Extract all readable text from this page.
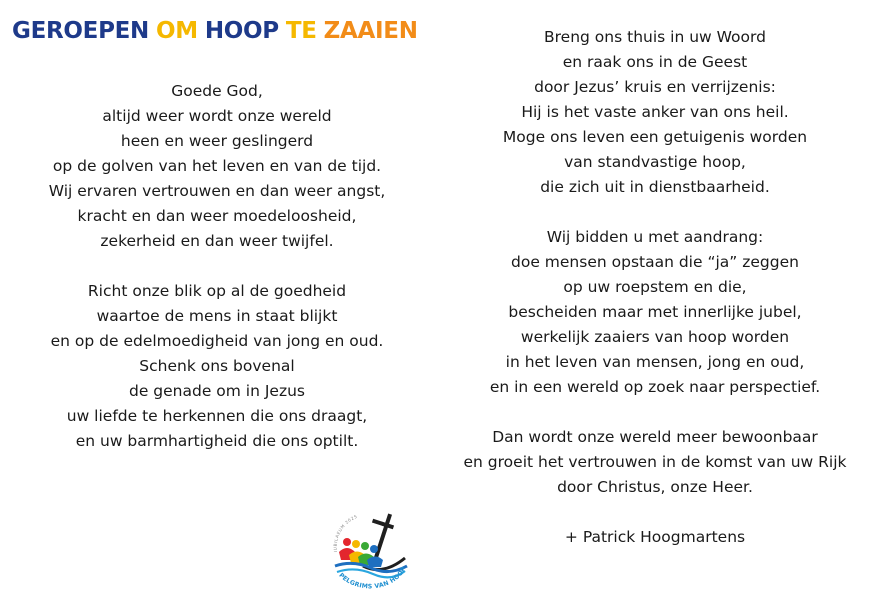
GEROEPEN OM HOOP TE ZAAIEN
Goede God,
altijd weer wordt onze wereld
heen en weer geslingerd
op de golven van het leven en van de tijd.
Wij ervaren vertrouwen en dan weer angst,
kracht en dan weer moedeloosheid,
zekerheid en dan weer twijfel.
Richt onze blik op al de goedheid
waartoe de mens in staat blijkt
en op de edelmoedigheid van jong en oud.
Schenk ons bovenal
de genade om in Jezus
uw liefde te herkennen die ons draagt,
en uw barmhartigheid die ons optilt.
Breng ons thuis in uw Woord
en raak ons in de Geest
door Jezus’ kruis en verrijzenis:
Hij is het vaste anker van ons heil.
Moge ons leven een getuigenis worden
van standvastige hoop,
die zich uit in dienstbaarheid.
Wij bidden u met aandrang:
doe mensen opstaan die “ja” zeggen
op uw roepstem en die,
bescheiden maar met innerlijke jubel,
werkelijk zaaiers van hoop worden
in het leven van mensen, jong en oud,
en in een wereld op zoek naar perspectief.
Dan wordt onze wereld meer bewoonbaar
en groeit het vertrouwen in de komst van uw Rijk
door Christus, onze Heer.
+ Patrick Hoogmartens
IUBILAEUM 2025
PELGRIMS VAN HOOP
